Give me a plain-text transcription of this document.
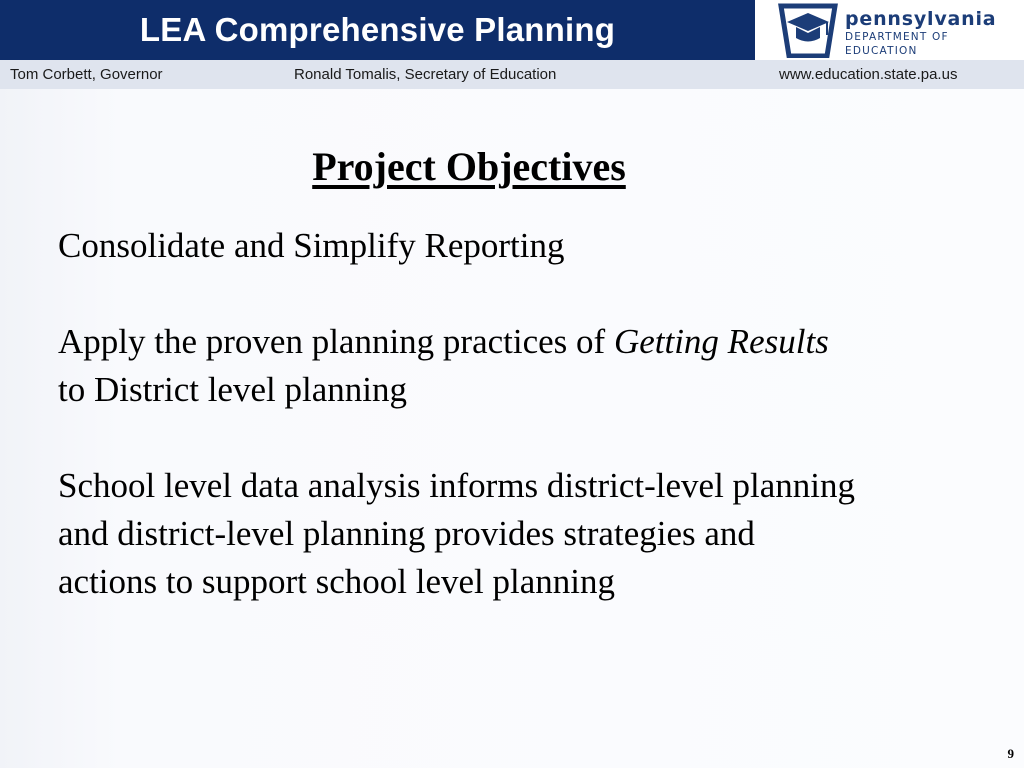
LEA Comprehensive Planning	pennsylvania
DEPARTMENT OF EDUCATION
Tom Corbett, Governor	Ronald Tomalis, Secretary of Education	www.education.state.pa.us
Project Objectives

Consolidate and Simplify Reporting

Apply the proven planning practices of Getting Results to District level planning

School level data analysis informs district-level planning and district-level planning provides strategies and actions to support school level planning

9
